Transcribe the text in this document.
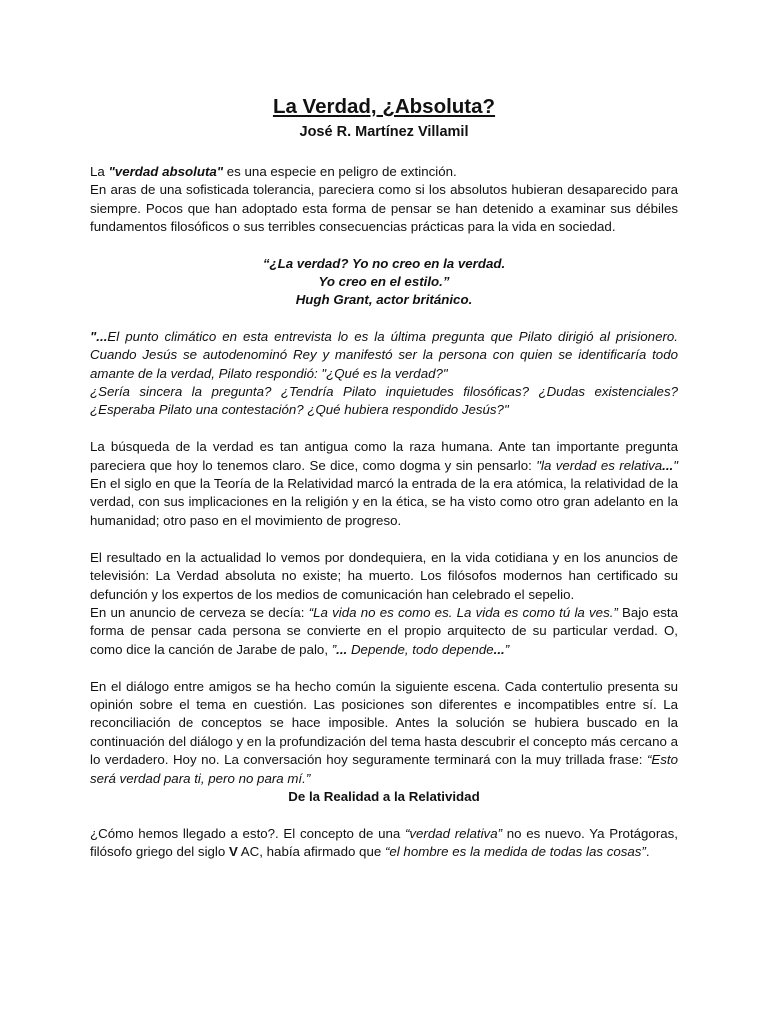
La Verdad, ¿Absoluta?
José R. Martínez Villamil

La "verdad absoluta" es una especie en peligro de extinción.

En aras de una sofisticada tolerancia, pareciera como si los absolutos hubieran desaparecido para siempre. Pocos que han adoptado esta forma de pensar se han detenido a examinar sus débiles fundamentos filosóficos o sus terribles consecuencias prácticas para la vida en sociedad.

“¿La verdad? Yo no creo en la verdad.
Yo creo en el estilo.”
Hugh Grant, actor británico.

"...El punto climático en esta entrevista lo es la última pregunta que Pilato dirigió al prisionero. Cuando Jesús se autodenominó Rey y manifestó ser la persona con quien se identificaría todo amante de la verdad, Pilato respondió: "¿Qué es la verdad?"

¿Sería sincera la pregunta? ¿Tendría Pilato inquietudes filosóficas? ¿Dudas existenciales? ¿Esperaba Pilato una contestación? ¿Qué hubiera respondido Jesús?"

La búsqueda de la verdad es tan antigua como la raza humana. Ante tan importante pregunta pareciera que hoy lo tenemos claro. Se dice, como dogma y sin pensarlo: "la verdad es relativa..." En el siglo en que la Teoría de la Relatividad marcó la entrada de la era atómica, la relatividad de la verdad, con sus implicaciones en la religión y en la ética, se ha visto como otro gran adelanto en la humanidad; otro paso en el movimiento de progreso.

El resultado en la actualidad lo vemos por dondequiera, en la vida cotidiana y en los anuncios de televisión: La Verdad absoluta no existe; ha muerto. Los filósofos modernos han certificado su defunción y los expertos de los medios de comunicación han celebrado el sepelio.

En un anuncio de cerveza se decía: “La vida no es como es. La vida es como tú la ves.” Bajo esta forma de pensar cada persona se convierte en el propio arquitecto de su particular verdad. O, como dice la canción de Jarabe de palo, ”... Depende, todo depende...”

En el diálogo entre amigos se ha hecho común la siguiente escena. Cada contertulio presenta su opinión sobre el tema en cuestión. Las posiciones son diferentes e incompatibles entre sí. La reconciliación de conceptos se hace imposible. Antes la solución se hubiera buscado en la continuación del diálogo y en la profundización del tema hasta descubrir el concepto más cercano a lo verdadero. Hoy no. La conversación hoy seguramente terminará con la muy trillada frase: “Esto será verdad para ti, pero no para mí.”

De la Realidad a la Relatividad

¿Cómo hemos llegado a esto?. El concepto de una “verdad relativa” no es nuevo. Ya Protágoras, filósofo griego del siglo V AC, había afirmado que “el hombre es la medida de todas las cosas”.
